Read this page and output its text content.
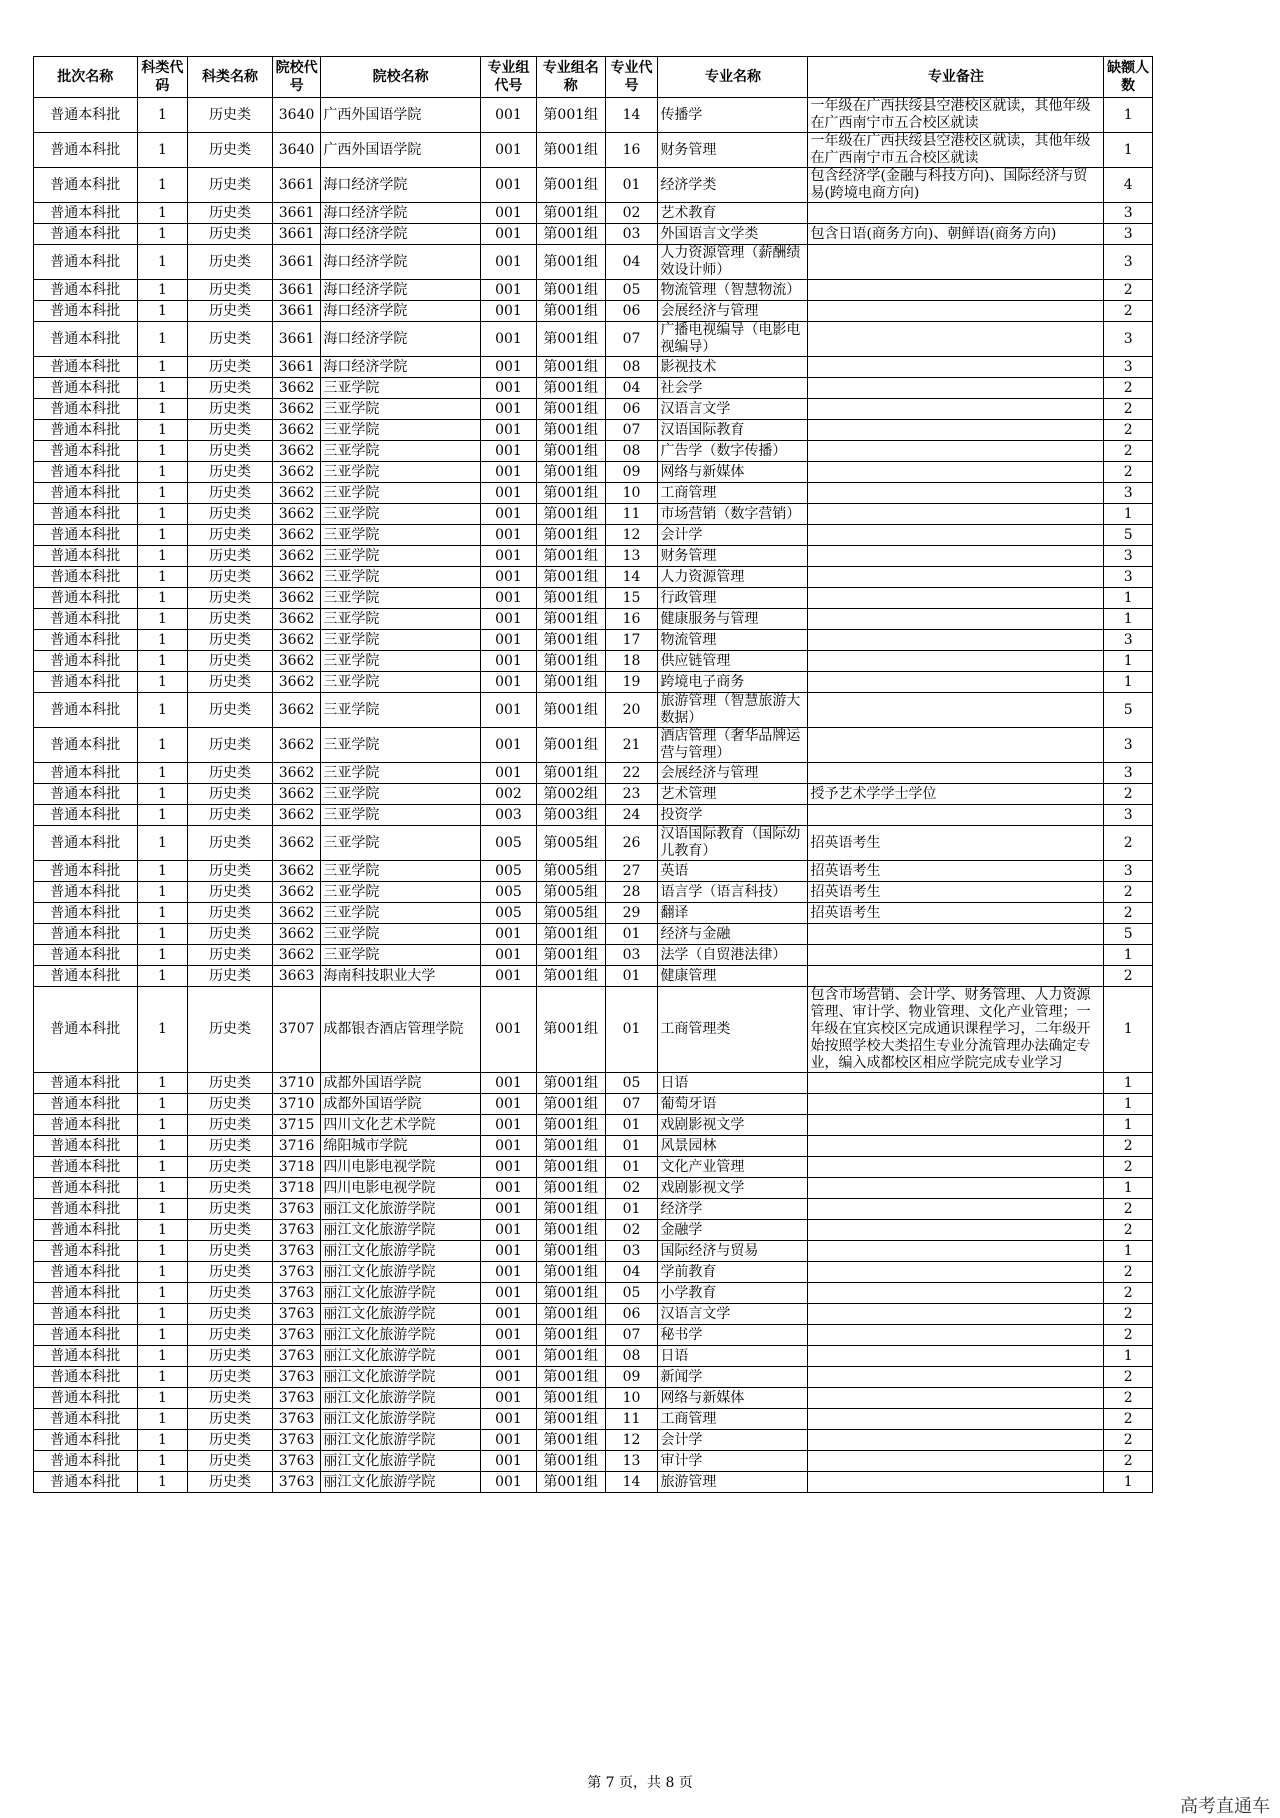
批次名称	科类代码	科类名称	院校代号	院校名称	专业组代号	专业组名称	专业代号	专业名称	专业备注	缺额人数
普通本科批	1	历史类	3640	广西外国语学院	001	第001组	14	传播学	一年级在广西扶绥县空港校区就读，其他年级在广西南宁市五合校区就读	1
普通本科批	1	历史类	3640	广西外国语学院	001	第001组	16	财务管理	一年级在广西扶绥县空港校区就读，其他年级在广西南宁市五合校区就读	1
普通本科批	1	历史类	3661	海口经济学院	001	第001组	01	经济学类	包含经济学(金融与科技方向)、国际经济与贸易(跨境电商方向)	4
普通本科批	1	历史类	3661	海口经济学院	001	第001组	02	艺术教育		3
普通本科批	1	历史类	3661	海口经济学院	001	第001组	03	外国语言文学类	包含日语(商务方向)、朝鲜语(商务方向)	3
普通本科批	1	历史类	3661	海口经济学院	001	第001组	04	人力资源管理（薪酬绩效设计师）		3
普通本科批	1	历史类	3661	海口经济学院	001	第001组	05	物流管理（智慧物流）		2
普通本科批	1	历史类	3661	海口经济学院	001	第001组	06	会展经济与管理		2
普通本科批	1	历史类	3661	海口经济学院	001	第001组	07	广播电视编导（电影电视编导）		3
普通本科批	1	历史类	3661	海口经济学院	001	第001组	08	影视技术		3
普通本科批	1	历史类	3662	三亚学院	001	第001组	04	社会学		2
普通本科批	1	历史类	3662	三亚学院	001	第001组	06	汉语言文学		2
普通本科批	1	历史类	3662	三亚学院	001	第001组	07	汉语国际教育		2
普通本科批	1	历史类	3662	三亚学院	001	第001组	08	广告学（数字传播）		2
普通本科批	1	历史类	3662	三亚学院	001	第001组	09	网络与新媒体		2
普通本科批	1	历史类	3662	三亚学院	001	第001组	10	工商管理		3
普通本科批	1	历史类	3662	三亚学院	001	第001组	11	市场营销（数字营销）		1
普通本科批	1	历史类	3662	三亚学院	001	第001组	12	会计学		5
普通本科批	1	历史类	3662	三亚学院	001	第001组	13	财务管理		3
普通本科批	1	历史类	3662	三亚学院	001	第001组	14	人力资源管理		3
普通本科批	1	历史类	3662	三亚学院	001	第001组	15	行政管理		1
普通本科批	1	历史类	3662	三亚学院	001	第001组	16	健康服务与管理		1
普通本科批	1	历史类	3662	三亚学院	001	第001组	17	物流管理		3
普通本科批	1	历史类	3662	三亚学院	001	第001组	18	供应链管理		1
普通本科批	1	历史类	3662	三亚学院	001	第001组	19	跨境电子商务		1
普通本科批	1	历史类	3662	三亚学院	001	第001组	20	旅游管理（智慧旅游大数据）		5
普通本科批	1	历史类	3662	三亚学院	001	第001组	21	酒店管理（奢华品牌运营与管理）		3
普通本科批	1	历史类	3662	三亚学院	001	第001组	22	会展经济与管理		3
普通本科批	1	历史类	3662	三亚学院	002	第002组	23	艺术管理	授予艺术学学士学位	2
普通本科批	1	历史类	3662	三亚学院	003	第003组	24	投资学		3
普通本科批	1	历史类	3662	三亚学院	005	第005组	26	汉语国际教育（国际幼儿教育）	招英语考生	2
普通本科批	1	历史类	3662	三亚学院	005	第005组	27	英语	招英语考生	3
普通本科批	1	历史类	3662	三亚学院	005	第005组	28	语言学（语言科技）	招英语考生	2
普通本科批	1	历史类	3662	三亚学院	005	第005组	29	翻译	招英语考生	2
普通本科批	1	历史类	3662	三亚学院	001	第001组	01	经济与金融		5
普通本科批	1	历史类	3662	三亚学院	001	第001组	03	法学（自贸港法律）		1
普通本科批	1	历史类	3663	海南科技职业大学	001	第001组	01	健康管理		2
普通本科批	1	历史类	3707	成都银杏酒店管理学院	001	第001组	01	工商管理类	包含市场营销、会计学、财务管理、人力资源管理、审计学、物业管理、文化产业管理；一年级在宜宾校区完成通识课程学习，二年级开始按照学校大类招生专业分流管理办法确定专业，编入成都校区相应学院完成专业学习	1
普通本科批	1	历史类	3710	成都外国语学院	001	第001组	05	日语		1
普通本科批	1	历史类	3710	成都外国语学院	001	第001组	07	葡萄牙语		1
普通本科批	1	历史类	3715	四川文化艺术学院	001	第001组	01	戏剧影视文学		1
普通本科批	1	历史类	3716	绵阳城市学院	001	第001组	01	风景园林		2
普通本科批	1	历史类	3718	四川电影电视学院	001	第001组	01	文化产业管理		2
普通本科批	1	历史类	3718	四川电影电视学院	001	第001组	02	戏剧影视文学		1
普通本科批	1	历史类	3763	丽江文化旅游学院	001	第001组	01	经济学		2
普通本科批	1	历史类	3763	丽江文化旅游学院	001	第001组	02	金融学		2
普通本科批	1	历史类	3763	丽江文化旅游学院	001	第001组	03	国际经济与贸易		1
普通本科批	1	历史类	3763	丽江文化旅游学院	001	第001组	04	学前教育		2
普通本科批	1	历史类	3763	丽江文化旅游学院	001	第001组	05	小学教育		2
普通本科批	1	历史类	3763	丽江文化旅游学院	001	第001组	06	汉语言文学		2
普通本科批	1	历史类	3763	丽江文化旅游学院	001	第001组	07	秘书学		2
普通本科批	1	历史类	3763	丽江文化旅游学院	001	第001组	08	日语		1
普通本科批	1	历史类	3763	丽江文化旅游学院	001	第001组	09	新闻学		2
普通本科批	1	历史类	3763	丽江文化旅游学院	001	第001组	10	网络与新媒体		2
普通本科批	1	历史类	3763	丽江文化旅游学院	001	第001组	11	工商管理		2
普通本科批	1	历史类	3763	丽江文化旅游学院	001	第001组	12	会计学		2
普通本科批	1	历史类	3763	丽江文化旅游学院	001	第001组	13	审计学		2
普通本科批	1	历史类	3763	丽江文化旅游学院	001	第001组	14	旅游管理		1
第 7 页，共 8 页
高考直通车
